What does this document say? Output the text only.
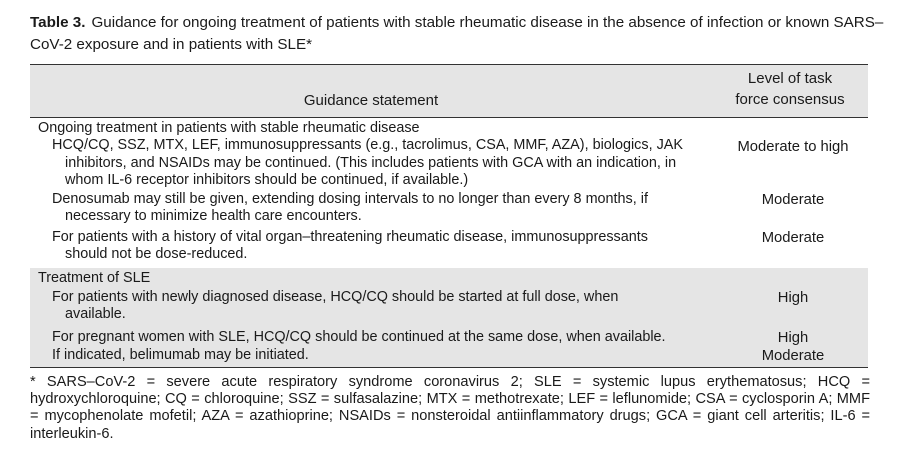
Table 3. Guidance for ongoing treatment of patients with stable rheumatic disease in the absence of infection or known SARS–CoV-2 exposure and in patients with SLE*
Guidance statement
Level of task
force consensus
Ongoing treatment in patients with stable rheumatic disease
HCQ/CQ, SSZ, MTX, LEF, immunosuppressants (e.g., tacrolimus, CSA, MMF, AZA), biologics, JAK
inhibitors, and NSAIDs may be continued. (This includes patients with GCA with an indication, in whom IL-6 receptor inhibitors should be continued, if available.)
Moderate to high
Denosumab may still be given, extending dosing intervals to no longer than every 8 months, if
necessary to minimize health care encounters.
Moderate
For patients with a history of vital organ–threatening rheumatic disease, immunosuppressants
should not be dose-reduced.
Moderate
Treatment of SLE
For patients with newly diagnosed disease, HCQ/CQ should be started at full dose, when
available.
High
For pregnant women with SLE, HCQ/CQ should be continued at the same dose, when available.	High
If indicated, belimumab may be initiated.	Moderate
* SARS–CoV-2 = severe acute respiratory syndrome coronavirus 2; SLE = systemic lupus erythematosus; HCQ = hydroxychloroquine; CQ = chloroquine; SSZ = sulfasalazine; MTX = methotrexate; LEF = leflunomide; CSA = cyclosporin A; MMF = mycophenolate mofetil; AZA = azathioprine; NSAIDs = nonsteroidal antiinflammatory drugs; GCA = giant cell arteritis; IL-6 = interleukin-6.
